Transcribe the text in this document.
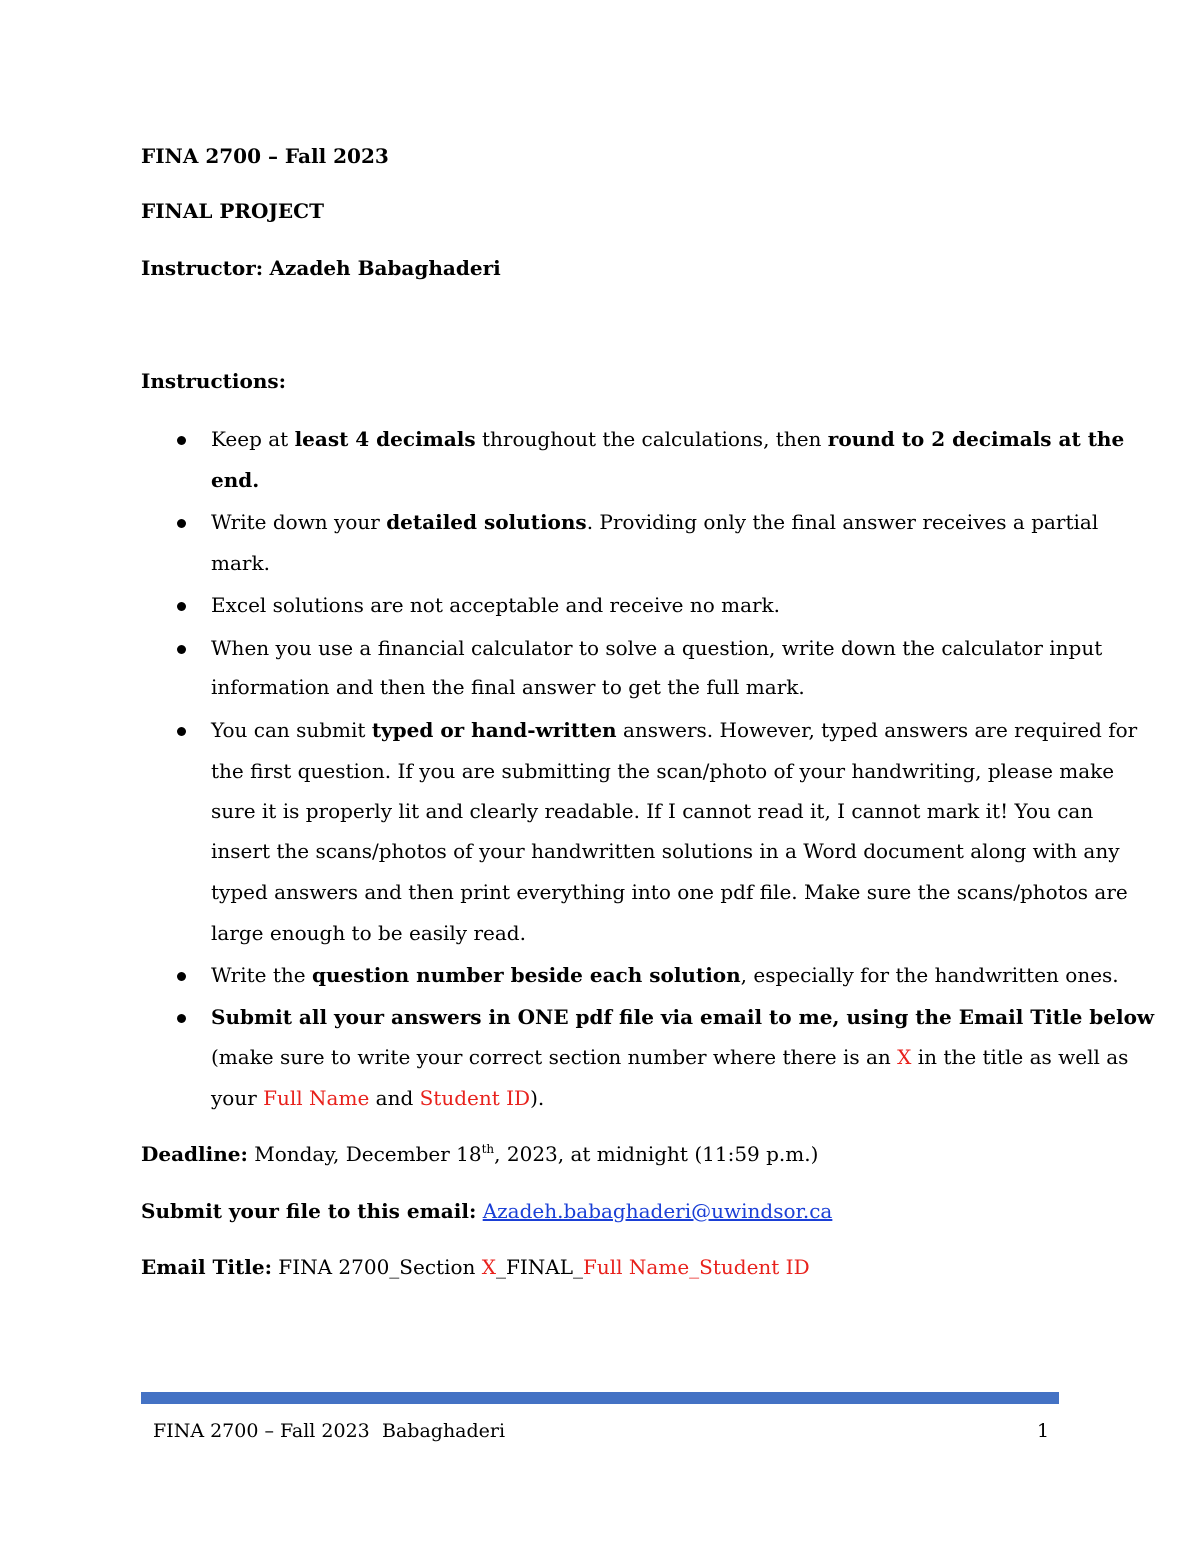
FINA 2700 – Fall 2023
FINAL PROJECT
Instructor: Azadeh Babaghaderi
Instructions:
Keep at least 4 decimals throughout the calculations, then round to 2 decimals at the
end.
Write down your detailed solutions. Providing only the final answer receives a partial
mark.
Excel solutions are not acceptable and receive no mark.
When you use a financial calculator to solve a question, write down the calculator input
information and then the final answer to get the full mark.
You can submit typed or hand-written answers. However, typed answers are required for
the first question. If you are submitting the scan/photo of your handwriting, please make
sure it is properly lit and clearly readable. If I cannot read it, I cannot mark it! You can
insert the scans/photos of your handwritten solutions in a Word document along with any
typed answers and then print everything into one pdf file. Make sure the scans/photos are
large enough to be easily read.
Write the question number beside each solution, especially for the handwritten ones.
Submit all your answers in ONE pdf file via email to me, using the Email Title below
(make sure to write your correct section number where there is an X in the title as well as
your Full Name and Student ID).
Deadline: Monday, December 18th, 2023, at midnight (11:59 p.m.)
Submit your file to this email: Azadeh.babaghaderi@uwindsor.ca
Email Title: FINA 2700_Section X_FINAL_Full Name_Student ID
FINA 2700 – Fall 2023 Babaghaderi	1
